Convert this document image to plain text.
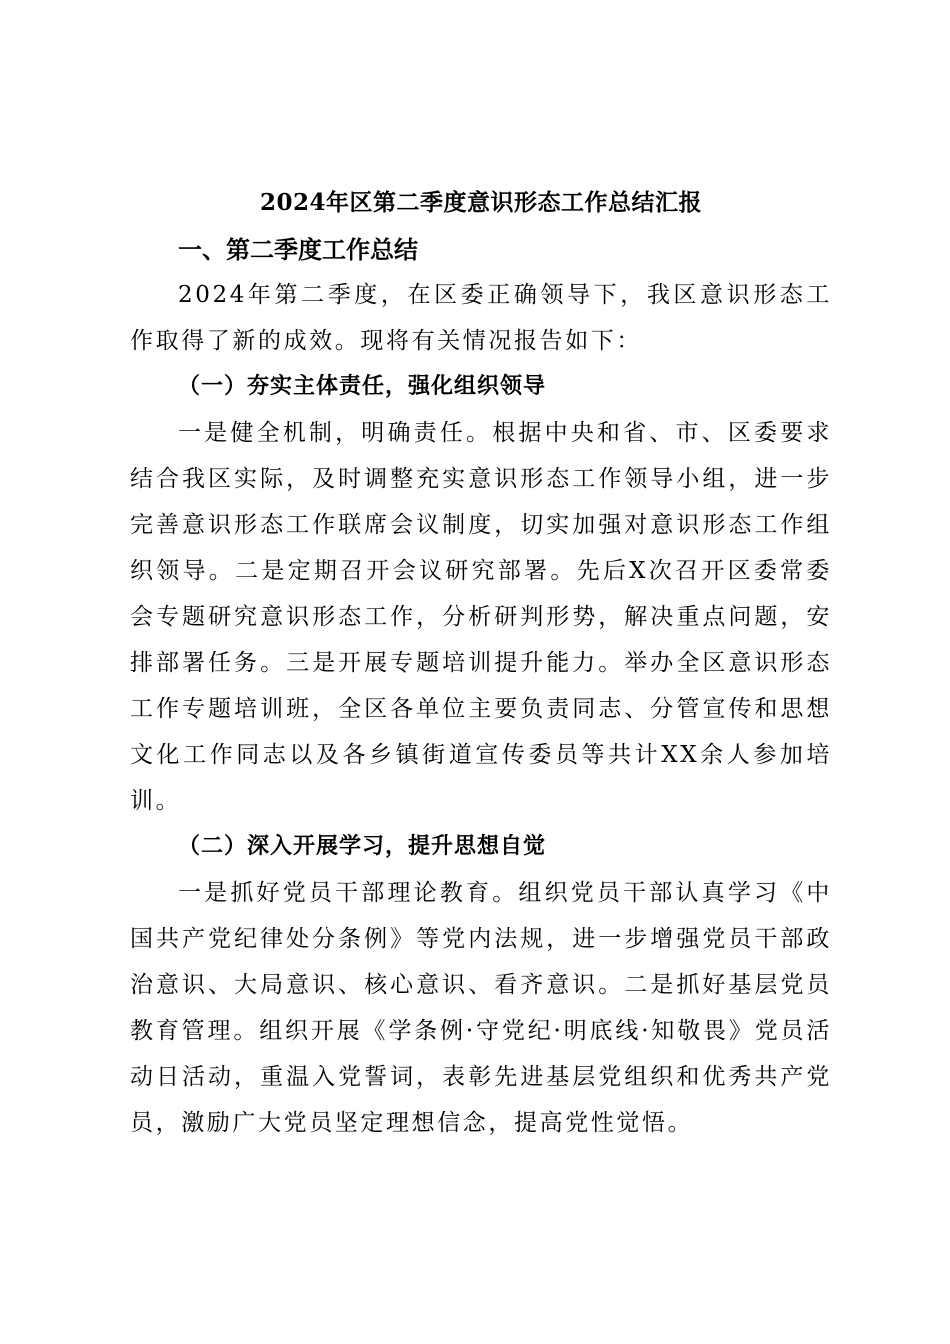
2024年区第二季度意识形态工作总结汇报
一、第二季度工作总结

2024年第二季度，在区委正确领导下，我区意识形态工作取得了新的成效。现将有关情况报告如下：

（一）夯实主体责任，强化组织领导

一是健全机制，明确责任。根据中央和省、市、区委要求结合我区实际，及时调整充实意识形态工作领导小组，进一步完善意识形态工作联席会议制度，切实加强对意识形态工作组织领导。二是定期召开会议研究部署。先后X次召开区委常委会专题研究意识形态工作，分析研判形势，解决重点问题，安排部署任务。三是开展专题培训提升能力。举办全区意识形态工作专题培训班，全区各单位主要负责同志、分管宣传和思想文化工作同志以及各乡镇街道宣传委员等共计XX余人参加培训。

（二）深入开展学习，提升思想自觉

一是抓好党员干部理论教育。组织党员干部认真学习《中国共产党纪律处分条例》等党内法规，进一步增强党员干部政治意识、大局意识、核心意识、看齐意识。二是抓好基层党员教育管理。组织开展《学条例·守党纪·明底线·知敬畏》党员活动日活动，重温入党誓词，表彰先进基层党组织和优秀共产党员，激励广大党员坚定理想信念，提高党性觉悟。
